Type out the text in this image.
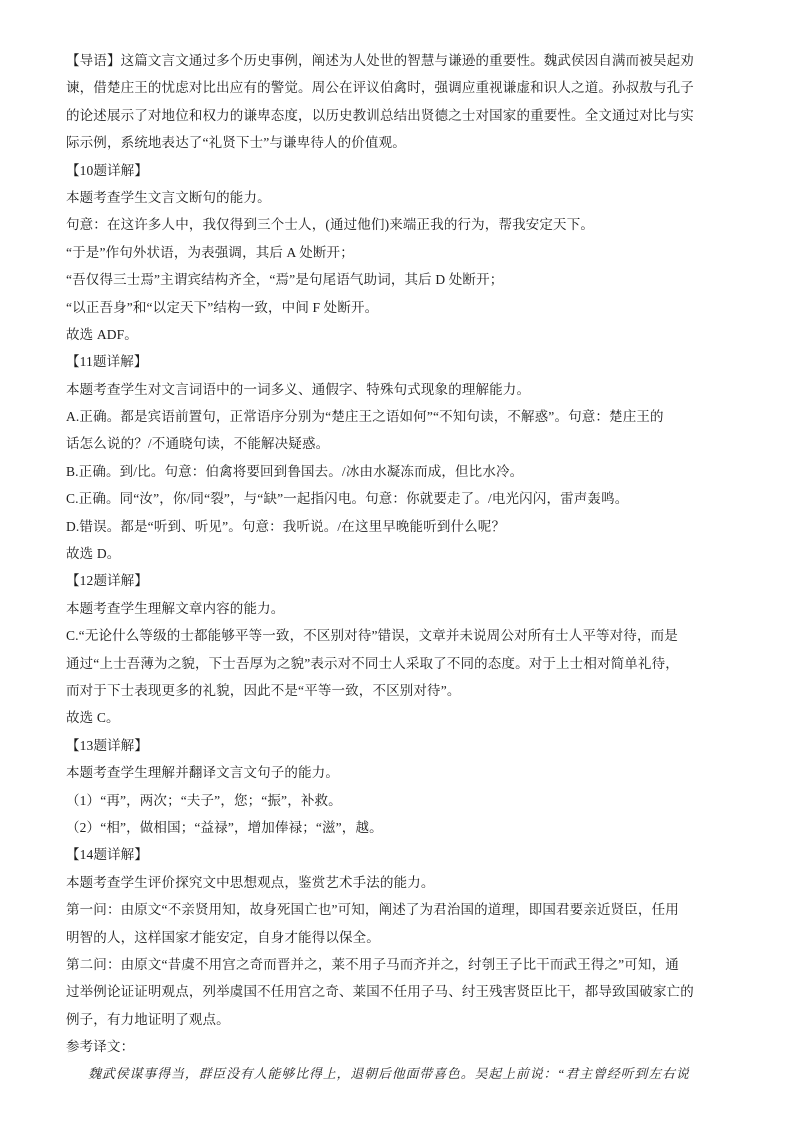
【导语】这篇文言文通过多个历史事例，阐述为人处世的智慧与谦逊的重要性。魏武侯因自满而被吴起劝
谏，借楚庄王的忧虑对比出应有的警觉。周公在评议伯禽时，强调应重视谦虚和识人之道。孙叔敖与孔子
的论述展示了对地位和权力的谦卑态度，以历史教训总结出贤德之士对国家的重要性。全文通过对比与实
际示例，系统地表达了“礼贤下士”与谦卑待人的价值观。
【10题详解】
本题考查学生文言文断句的能力。
句意：在这许多人中，我仅得到三个士人，(通过他们)来端正我的行为，帮我安定天下。
“于是”作句外状语，为表强调，其后 A 处断开；
“吾仅得三士焉”主谓宾结构齐全，“焉”是句尾语气助词，其后 D 处断开；
“以正吾身”和“以定天下”结构一致，中间 F 处断开。
故选 ADF。
【11题详解】
本题考查学生对文言词语中的一词多义、通假字、特殊句式现象的理解能力。
A.正确。都是宾语前置句，正常语序分别为“楚庄王之语如何”“不知句读，不解惑”。句意：楚庄王的
话怎么说的？/不通晓句读，不能解决疑惑。
B.正确。到/比。句意：伯禽将要回到鲁国去。/冰由水凝冻而成，但比水冷。
C.正确。同“汝”，你/同“裂”，与“缺”一起指闪电。句意：你就要走了。/电光闪闪，雷声轰鸣。
D.错误。都是“听到、听见”。句意：我听说。/在这里早晚能听到什么呢？
故选 D。
【12题详解】
本题考查学生理解文章内容的能力。
C.“无论什么等级的士都能够平等一致，不区别对待”错误，文章并未说周公对所有士人平等对待，而是
通过“上士吾薄为之貌，下士吾厚为之貌”表示对不同士人采取了不同的态度。对于上士相对简单礼待，
而对于下士表现更多的礼貌，因此不是“平等一致，不区别对待”。
故选 C。
【13题详解】
本题考查学生理解并翻译文言文句子的能力。
（1）“再”，两次；“夫子”，您；“振”，补救。
（2）“相”，做相国；“益禄”，增加俸禄；“滋”，越。
【14题详解】
本题考查学生评价探究文中思想观点，鉴赏艺术手法的能力。
第一问：由原文“不亲贤用知，故身死国亡也”可知，阐述了为君治国的道理，即国君要亲近贤臣，任用
明智的人，这样国家才能安定，自身才能得以保全。
第二问：由原文“昔虞不用宫之奇而晋并之，莱不用子马而齐并之，纣刳王子比干而武王得之”可知，通
过举例论证证明观点，列举虞国不任用宫之奇、莱国不任用子马、纣王残害贤臣比干，都导致国破家亡的
例子，有力地证明了观点。
参考译文：
魏武侯谋事得当，群臣没有人能够比得上，退朝后他面带喜色。吴起上前说：“君主曾经听到左右说
